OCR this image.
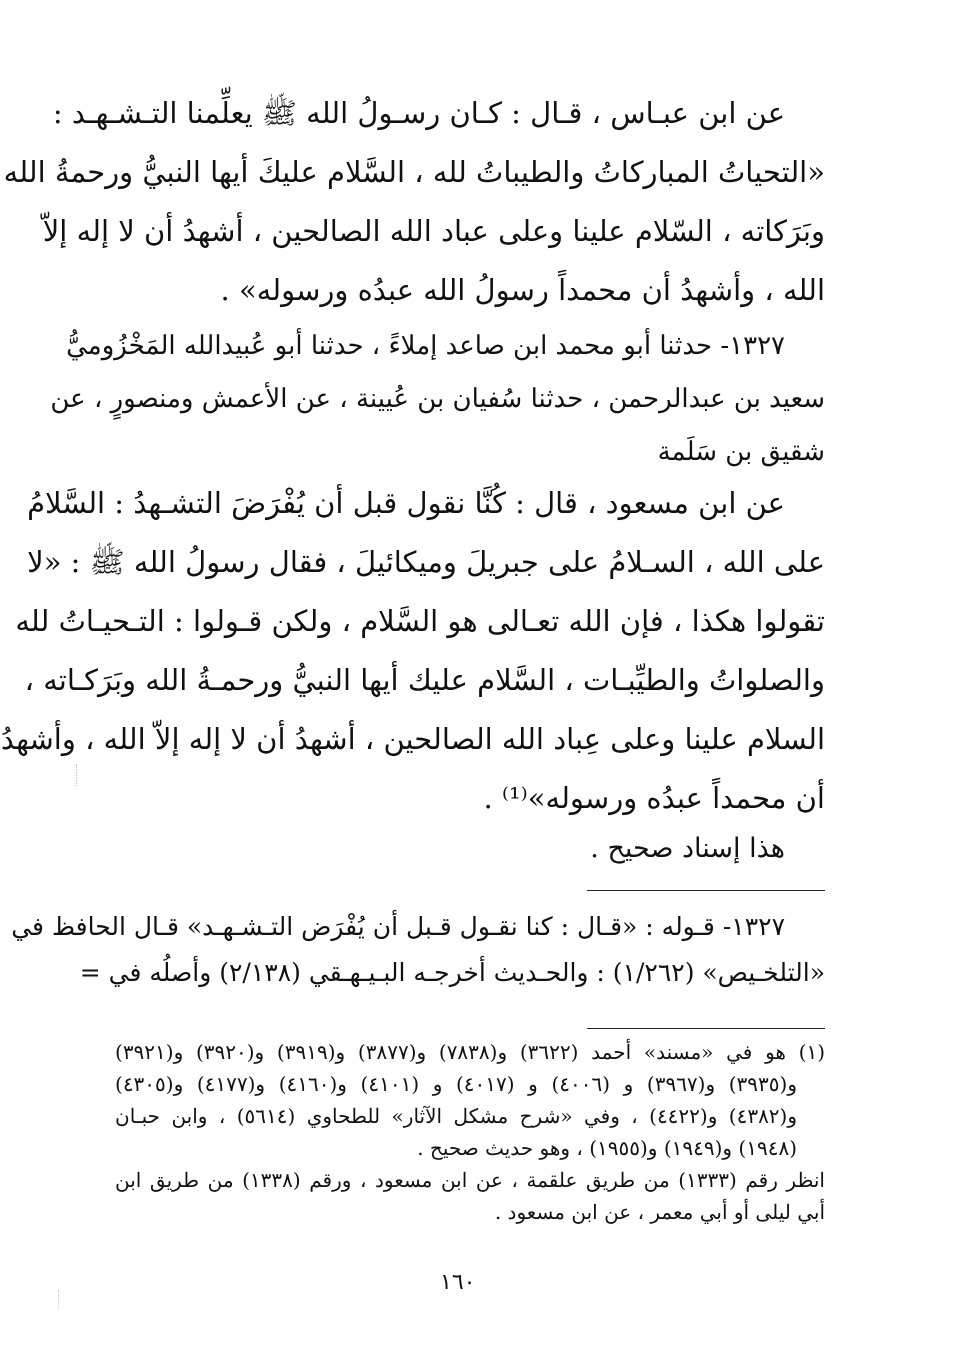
عن ابن عبـاس ، قـال : كـان رسـولُ الله ﷺ يعلِّمنا التـشـهـد :
«التحياتُ المباركاتُ والطيباتُ لله ، السَّلام عليكَ أيها النبيُّ ورحمةُ الله
وبَرَكاته ، السّلام علينا وعلى عباد الله الصالحين ، أشهدُ أن لا إله إلاّ
الله ، وأشهدُ أن محمداً رسولُ الله عبدُه ورسوله» .
١٣٢٧- حدثنا أبو محمد ابن صاعد إملاءً ، حدثنا أبو عُبيدالله المَخْزُوميُّ
سعيد بن عبدالرحمن ، حدثنا سُفيان بن عُيينة ، عن الأعمش ومنصورٍ ، عن
شقيق بن سَلَمة
عن ابن مسعود ، قال : كُنَّا نقول قبل أن يُفْرَضَ التشـهدُ : السَّلامُ
على الله ، السـلامُ على جبريلَ وميكائيلَ ، فقال رسولُ الله ﷺ : «لا
تقولوا هكذا ، فإن الله تعـالى هو السَّلام ، ولكن قـولوا : التـحيـاتُ لله
والصلواتُ والطيِّبـات ، السَّلام عليك أيها النبيُّ ورحمـةُ الله وبَرَكـاته ،
السلام علينا وعلى عِباد الله الصالحين ، أشهدُ أن لا إله إلاّ الله ، وأشهدُ
أن محمداً عبدُه ورسوله»⁽¹⁾ .
هذا إسناد صحيح .
١٣٢٧- قـوله : «قـال : كنا نقـول قـبل أن يُفْرَض التـشـهـد» قـال الحافظ في
«التلخـيص» (١/٢٦٢) : والحـديث أخرجـه البـيـهـقي (٢/١٣٨) وأصلُه في =
(١) هو في «مسند» أحمد (٣٦٢٢) و(٧٨٣٨) و(٣٨٧٧) و(٣٩١٩) و(٣٩٢٠) و(٣٩٢١)
و(٣٩٣٥) و(٣٩٦٧) و (٤٠٠٦) و (٤٠١٧) و (٤١٠١) و(٤١٦٠) و(٤١٧٧) و(٤٣٠٥)
و(٤٣٨٢) و(٤٤٢٢) ، وفي «شرح مشكل الآثار» للطحاوي (٥٦١٤) ، وابن حبـان
(١٩٤٨) و(١٩٤٩) و(١٩٥٥) ، وهو حديث صحيح .
انظر رقم (١٣٣٣) من طريق علقمة ، عن ابن مسعود ، ورقم (١٣٣٨) من طريق ابن
أبي ليلى أو أبي معمر ، عن ابن مسعود .
١٦٠
